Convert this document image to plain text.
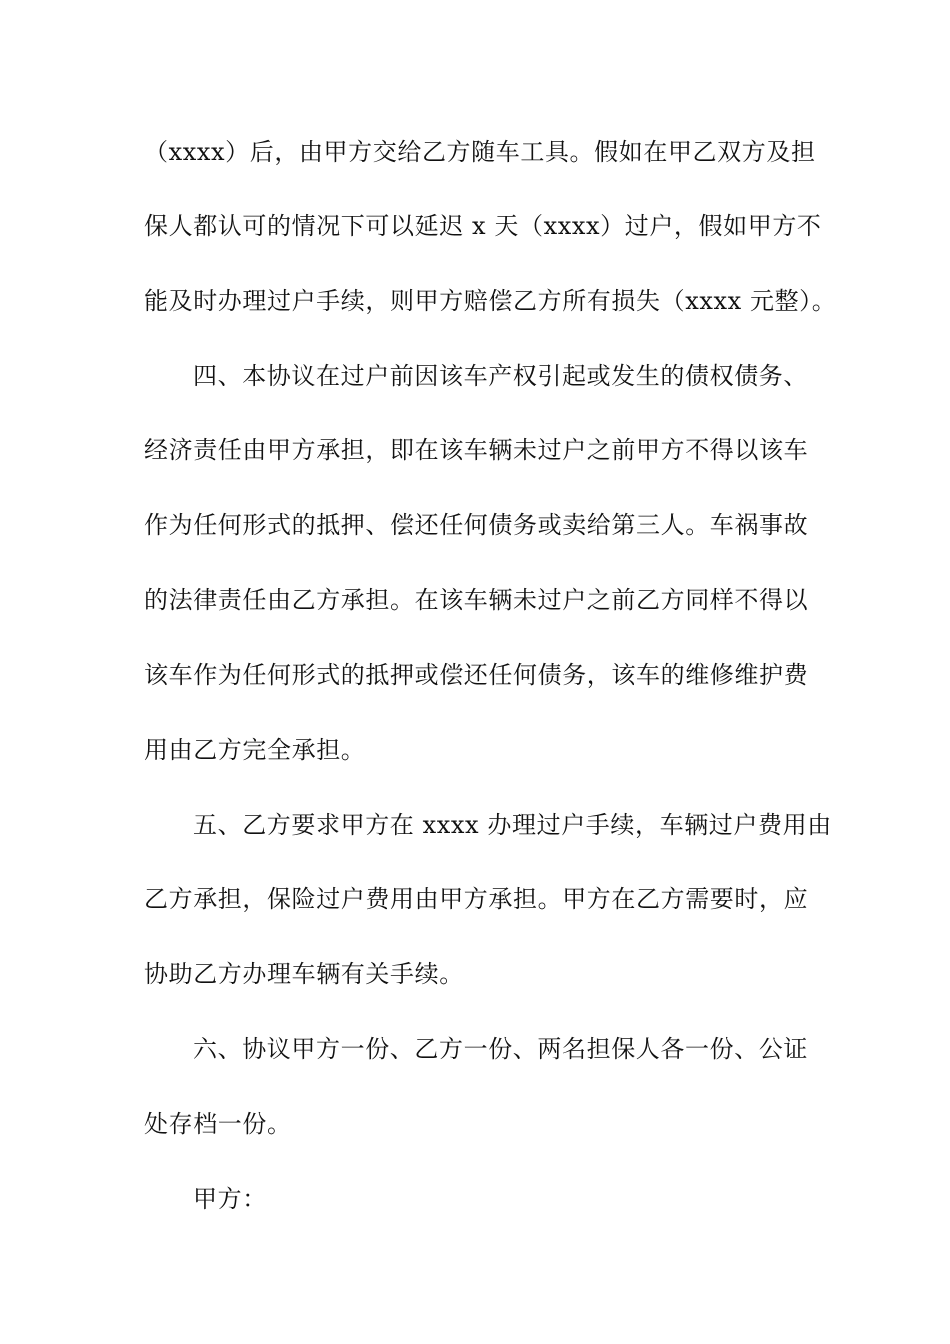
（xxxx）后，由甲方交给乙方随车工具。假如在甲乙双方及担
保人都认可的情况下可以延迟 x 天（xxxx）过户，假如甲方不
能及时办理过户手续，则甲方赔偿乙方所有损失（xxxx 元整）。
四、本协议在过户前因该车产权引起或发生的债权债务、
经济责任由甲方承担，即在该车辆未过户之前甲方不得以该车
作为任何形式的抵押、偿还任何债务或卖给第三人。车祸事故
的法律责任由乙方承担。在该车辆未过户之前乙方同样不得以
该车作为任何形式的抵押或偿还任何债务，该车的维修维护费
用由乙方完全承担。
五、乙方要求甲方在 xxxx 办理过户手续，车辆过户费用由
乙方承担，保险过户费用由甲方承担。甲方在乙方需要时，应
协助乙方办理车辆有关手续。
六、协议甲方一份、乙方一份、两名担保人各一份、公证
处存档一份。
甲方：
